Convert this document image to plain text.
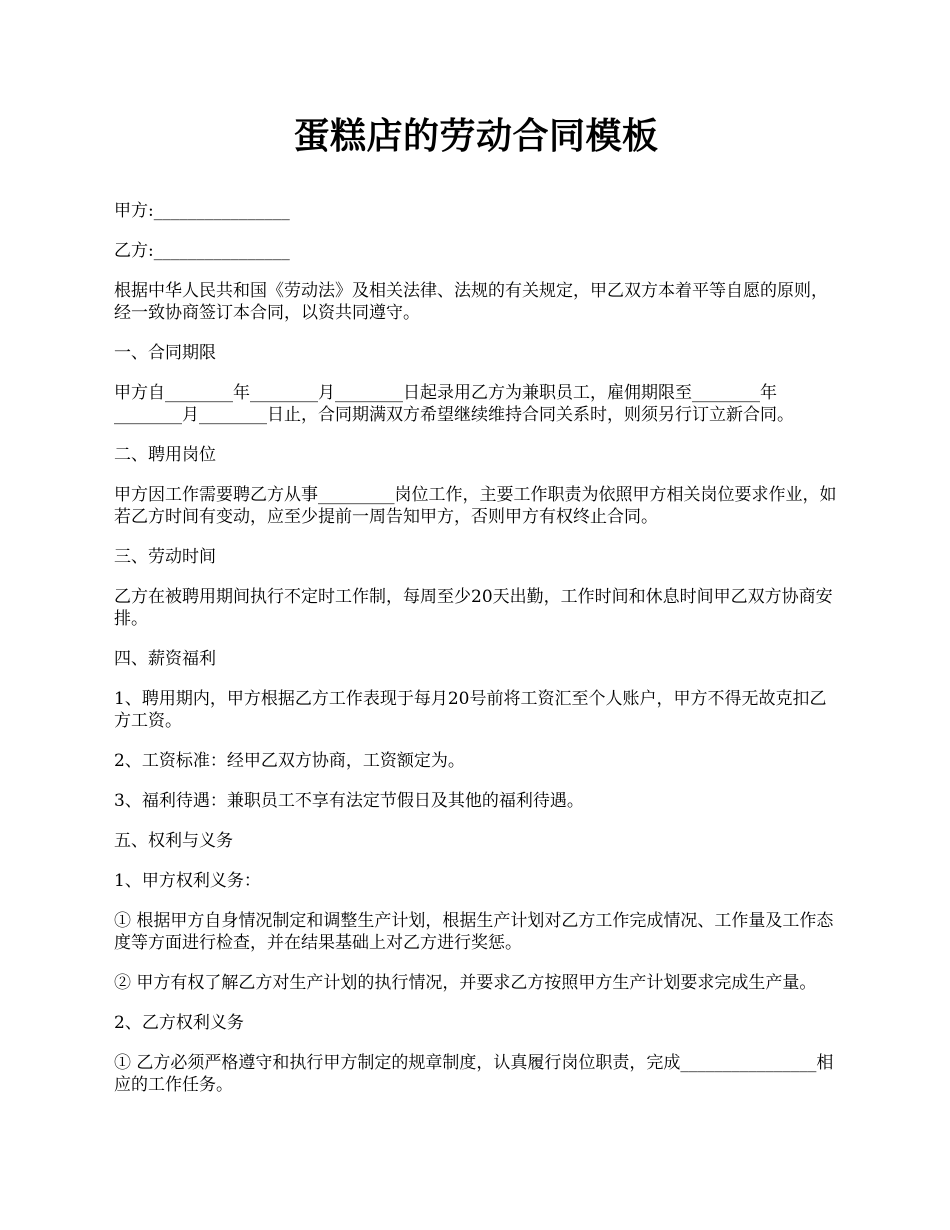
蛋糕店的劳动合同模板

甲方:________________

乙方:________________

根据中华人民共和国《劳动法》及相关法律、法规的有关规定，甲乙双方本着平等自愿的原则，经一致协商签订本合同，以资共同遵守。

一、合同期限

甲方自________年________月________日起录用乙方为兼职员工，雇佣期限至________年________月________日止，合同期满双方希望继续维持合同关系时，则须另行订立新合同。

二、聘用岗位

甲方因工作需要聘乙方从事_________岗位工作，主要工作职责为依照甲方相关岗位要求作业，如若乙方时间有变动，应至少提前一周告知甲方，否则甲方有权终止合同。

三、劳动时间

乙方在被聘用期间执行不定时工作制，每周至少20天出勤，工作时间和休息时间甲乙双方协商安排。

四、薪资福利

1、聘用期内，甲方根据乙方工作表现于每月20号前将工资汇至个人账户，甲方不得无故克扣乙方工资。

2、工资标准：经甲乙双方协商，工资额定为。

3、福利待遇：兼职员工不享有法定节假日及其他的福利待遇。

五、权利与义务

1、甲方权利义务：

① 根据甲方自身情况制定和调整生产计划，根据生产计划对乙方工作完成情况、工作量及工作态度等方面进行检查，并在结果基础上对乙方进行奖惩。

② 甲方有权了解乙方对生产计划的执行情况，并要求乙方按照甲方生产计划要求完成生产量。

2、乙方权利义务

① 乙方必须严格遵守和执行甲方制定的规章制度，认真履行岗位职责，完成________________相应的工作任务。
